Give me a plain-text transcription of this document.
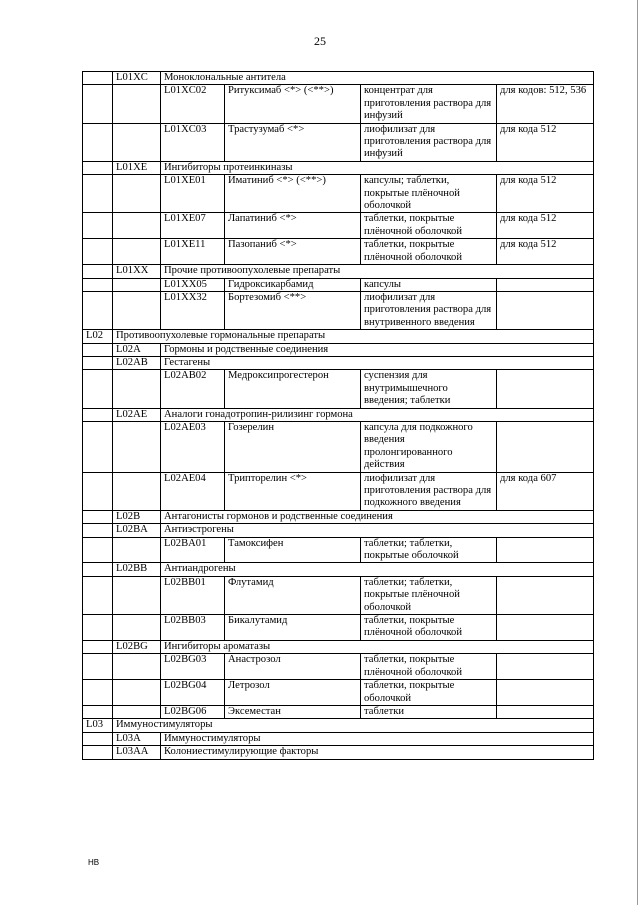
25
	L01XC	Моноклональные антитела			
		L01XC02	Ритуксимаб <*> (<**>)	концентрат для приготовления раствора для инфузий	для кодов: 512, 536
		L01XC03	Трастузумаб <*>	лиофилизат для приготовления раствора для инфузий	для кода 512
	L01XE	Ингибиторы протеинкиназы			
		L01XE01	Иматиниб <*> (<**>)	капсулы; таблетки, покрытые плёночной оболочкой	для кода 512
		L01XE07	Лапатиниб <*>	таблетки, покрытые плёночной оболочкой	для кода 512
		L01XE11	Пазопаниб <*>	таблетки, покрытые плёночной оболочкой	для кода 512
	L01XX	Прочие противоопухолевые препараты			
		L01XX05	Гидроксикарбамид	капсулы	
		L01XX32	Бортезомиб <**>	лиофилизат для приготовления раствора для внутривенного введения	
L02	Противоопухолевые гормональные препараты				
	L02A	Гормоны и родственные соединения			
	L02AB	Гестагены			
		L02AB02	Медроксипрогестерон	суспензия для внутримышечного введения; таблетки	
	L02AE	Аналоги гонадотропин-рилизинг гормона			
		L02AE03	Гозерелин	капсула для подкожного введения пролонгированного действия	
		L02AE04	Трипторелин <*>	лиофилизат для приготовления раствора для подкожного введения	для кода 607
	L02B	Антагонисты гормонов и родственные соединения			
	L02BA	Антиэстрогены			
		L02BA01	Тамоксифен	таблетки; таблетки, покрытые оболочкой	
	L02BB	Антиандрогены			
		L02BB01	Флутамид	таблетки; таблетки, покрытые плёночной оболочкой	
		L02BB03	Бикалутамид	таблетки, покрытые плёночной оболочкой	
	L02BG	Ингибиторы ароматазы			
		L02BG03	Анастрозол	таблетки, покрытые плёночной оболочкой	
		L02BG04	Летрозол	таблетки, покрытые оболочкой	
		L02BG06	Эксеместан	таблетки	
L03	Иммуностимуляторы				
	L03A	Иммуностимуляторы			
	L03AA	Колониестимулирующие факторы			
НВ
